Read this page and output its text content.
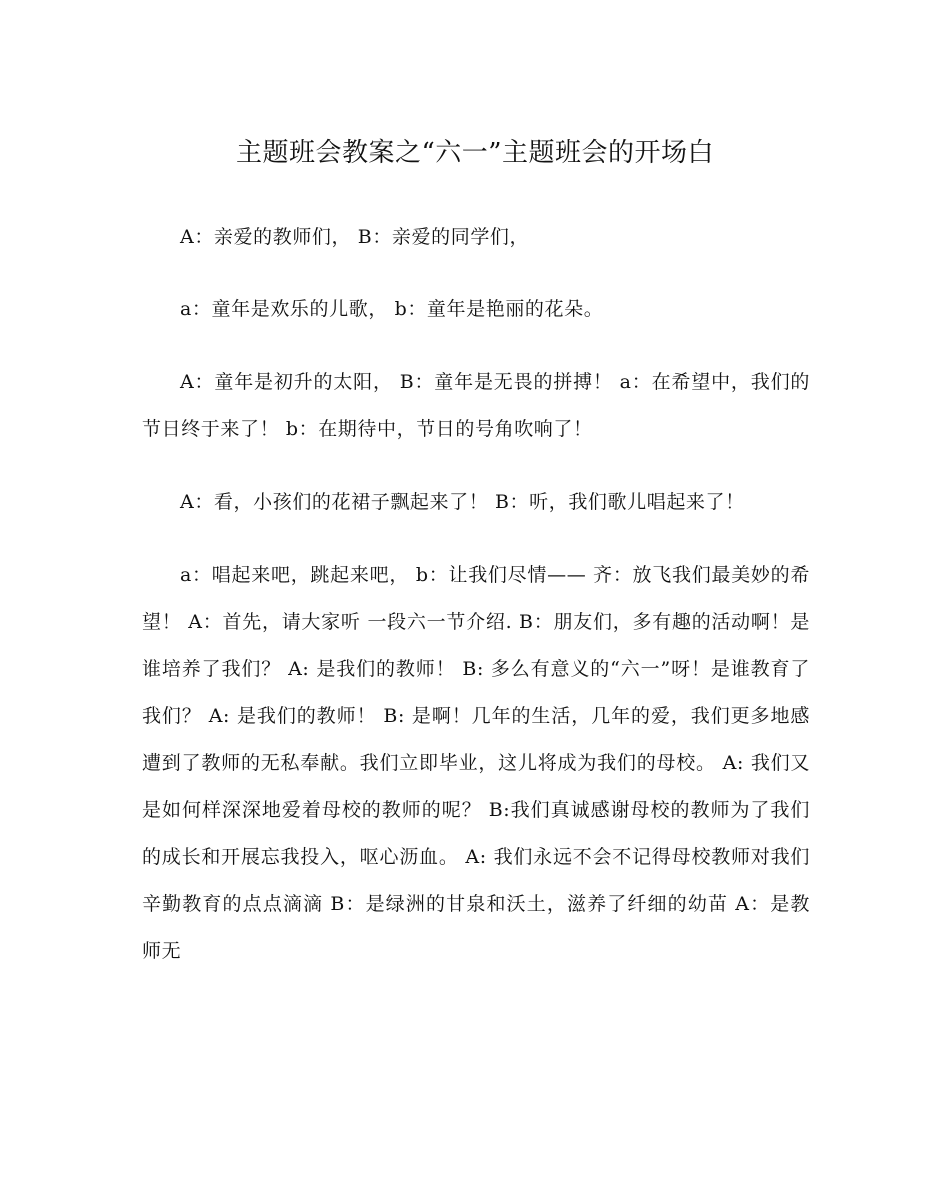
主题班会教案之“六一”主题班会的开场白

A：亲爱的教师们， B：亲爱的同学们，

a：童年是欢乐的儿歌， b：童年是艳丽的花朵。

A：童年是初升的太阳， B：童年是无畏的拼搏！ a：在希望中，我们的节日终于来了！ b：在期待中，节日的号角吹响了！

A：看，小孩们的花裙子飘起来了！ B：听，我们歌儿唱起来了！

a：唱起来吧，跳起来吧， b：让我们尽情—— 齐：放飞我们最美妙的希望！ A：首先，请大家听 一段六一节介绍. B：朋友们，多有趣的活动啊！是谁培养了我们？ A: 是我们的教师！ B: 多么有意义的“六一”呀！是谁教育了我们？ A: 是我们的教师！ B: 是啊！几年的生活，几年的爱，我们更多地感遭到了教师的无私奉献。我们立即毕业，这儿将成为我们的母校。 A: 我们又是如何样深深地爱着母校的教师的呢？ B:我们真诚感谢母校的教师为了我们的成长和开展忘我投入，呕心沥血。 A: 我们永远不会不记得母校教师对我们辛勤教育的点点滴滴 B：是绿洲的甘泉和沃土，滋养了纤细的幼苗 A：是教师无
